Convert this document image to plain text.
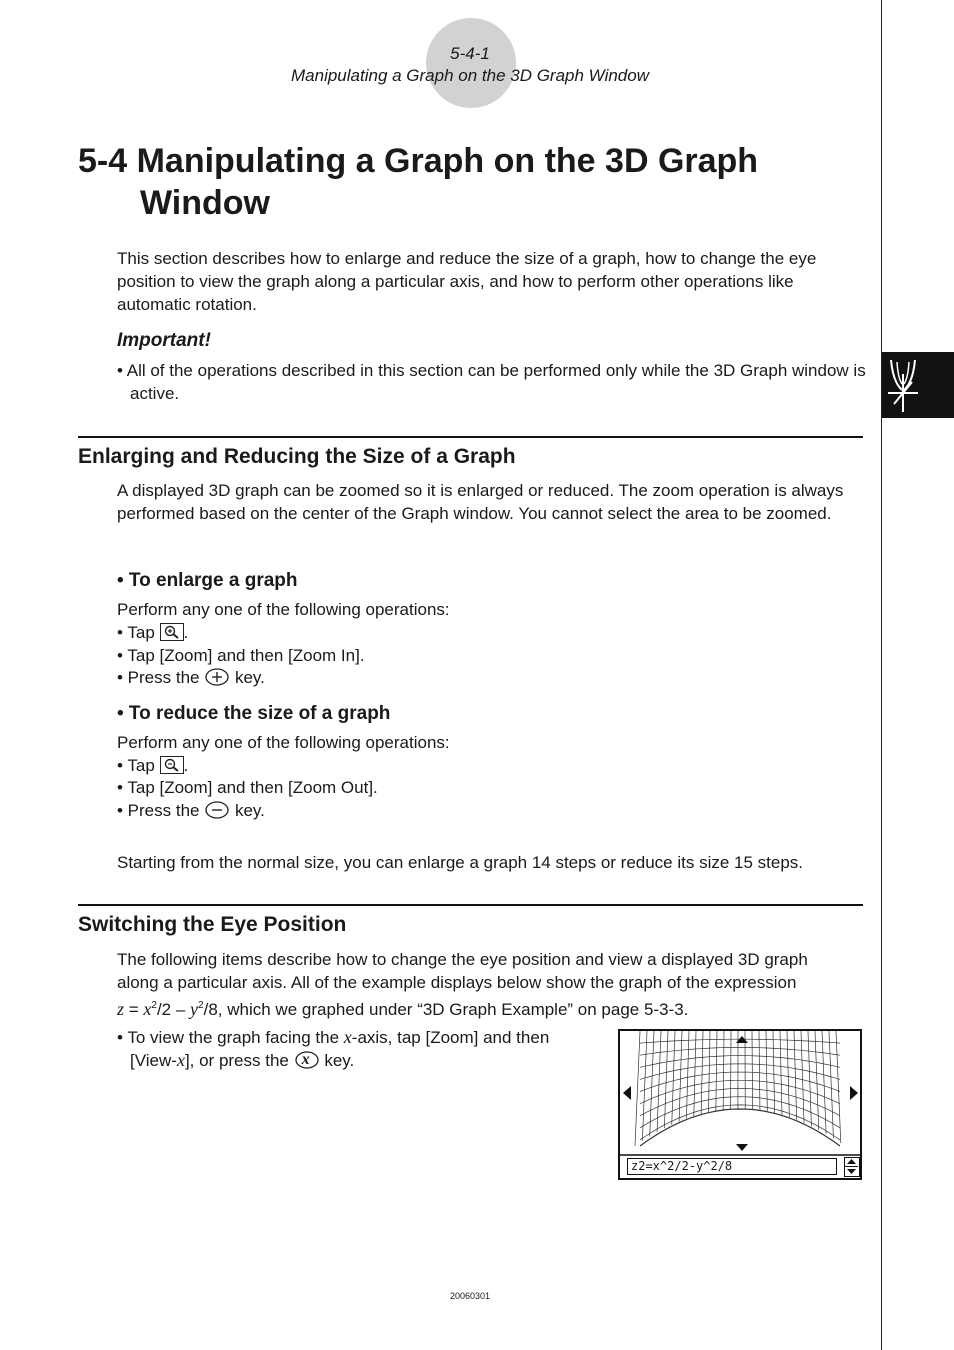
5-4-1
Manipulating a Graph on the 3D Graph Window
5-4 Manipulating a Graph on the 3D Graph
Window
This section describes how to enlarge and reduce the size of a graph, how to change the eye position to view the graph along a particular axis, and how to perform other operations like automatic rotation.
Important!
• All of the operations described in this section can be performed only while the 3D Graph window is active.
Enlarging and Reducing the Size of a Graph
A displayed 3D graph can be zoomed so it is enlarged or reduced. The zoom operation is always performed based on the center of the Graph window. You cannot select the area to be zoomed.
• To enlarge a graph
Perform any one of the following operations:
• Tap .
• Tap [Zoom] and then [Zoom In].
• Press the  key.
• To reduce the size of a graph
Perform any one of the following operations:
• Tap .
• Tap [Zoom] and then [Zoom Out].
• Press the  key.
Starting from the normal size, you can enlarge a graph 14 steps or reduce its size 15 steps.
Switching the Eye Position
The following items describe how to change the eye position and view a displayed 3D graph
along a particular axis. All of the example displays below show the graph of the expression
$z = x^2/2 - y^2/8$, which we graphed under “3D Graph Example” on page 5-3-3.
• To view the graph facing the x-axis, tap [Zoom] and then
[View-x], or press the x key.
z2=x^2/2-y^2/8
20060301
